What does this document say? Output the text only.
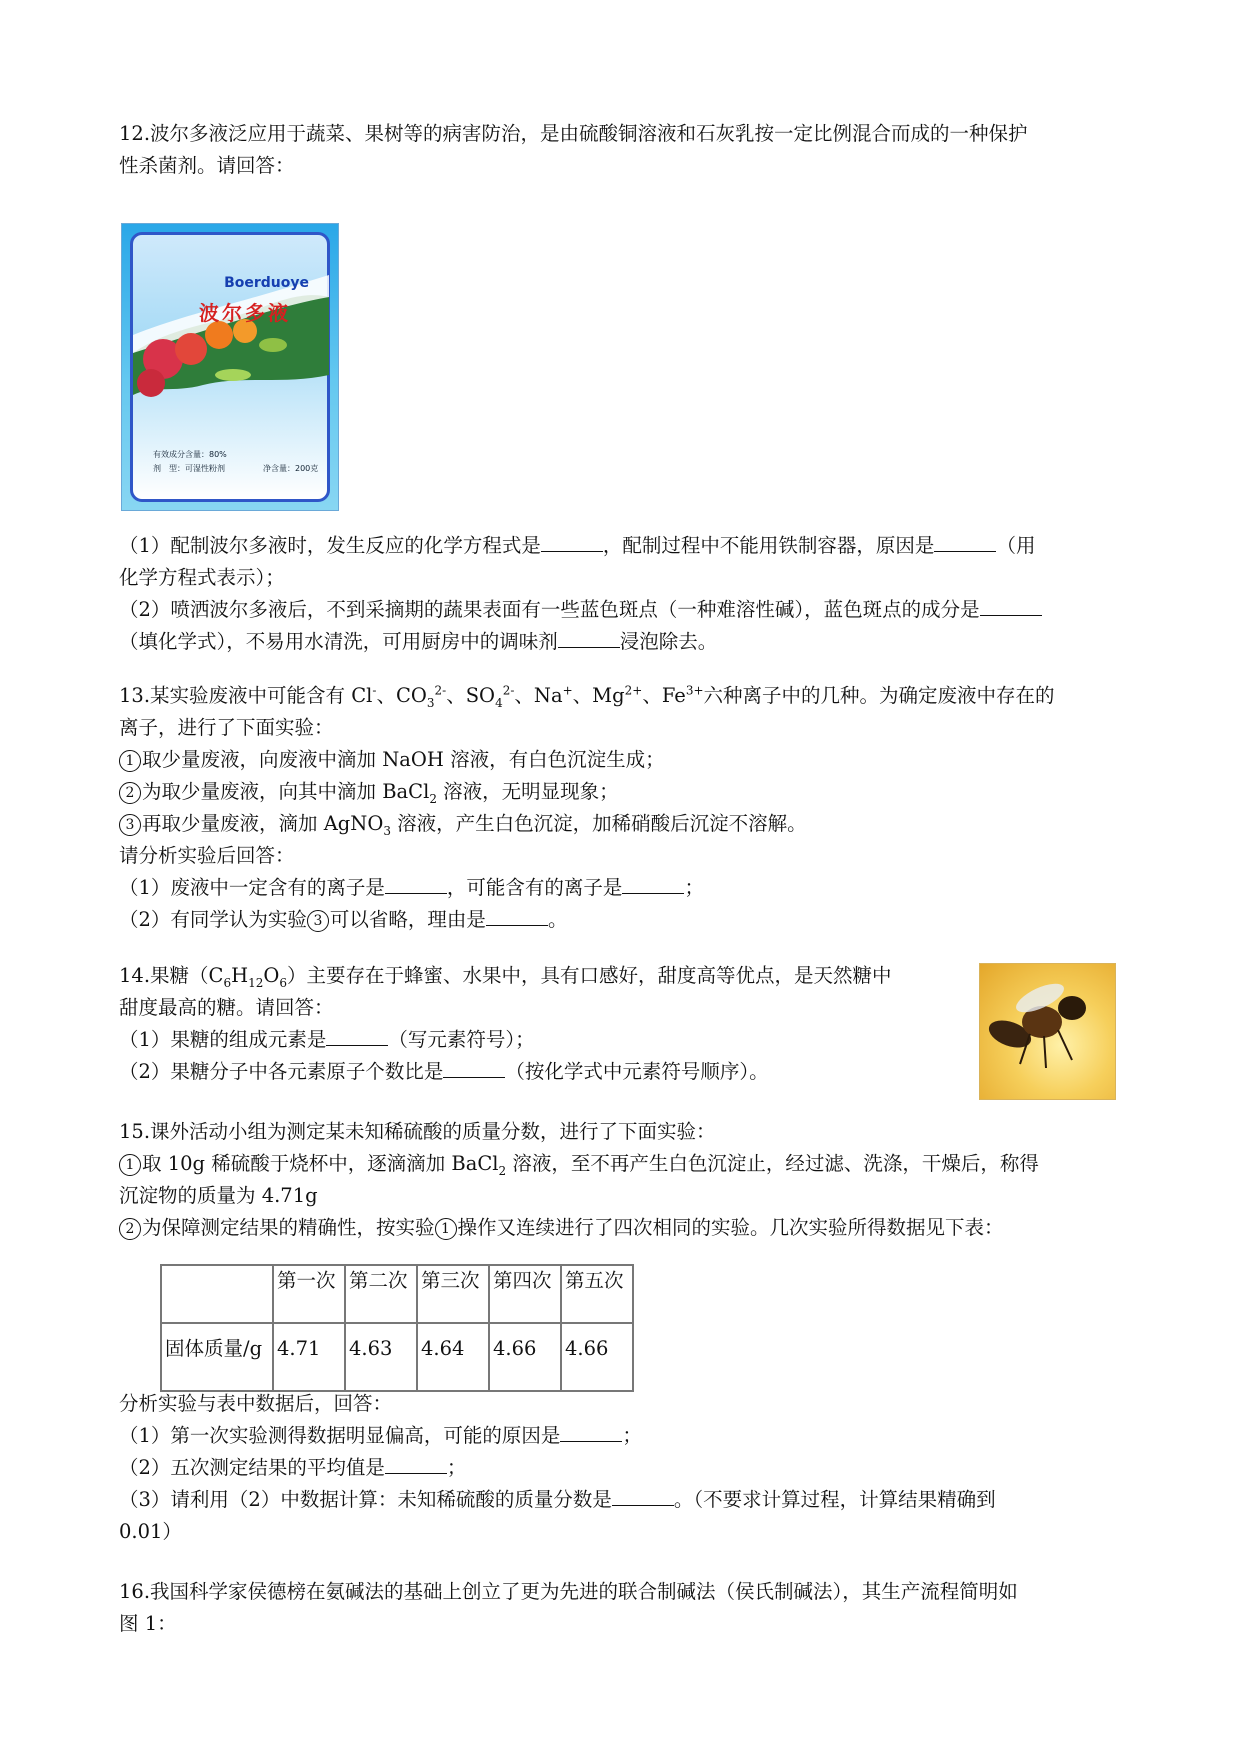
12.波尔多液泛应用于蔬菜、果树等的病害防治，是由硫酸铜溶液和石灰乳按一定比例混合而成的一种保护
性杀菌剂。请回答：
Boerduoye
波尔多液
有效成分含量：80%
剂　型：可湿性粉剂	净含量：200克
（1）配制波尔多液时，发生反应的化学方程式是	，配制过程中不能用铁制容器，原因是	（用
化学方程式表示）；
（2）喷洒波尔多液后，不到采摘期的蔬果表面有一些蓝色斑点（一种难溶性碱），蓝色斑点的成分是
（填化学式），不易用水清洗，可用厨房中的调味剂	浸泡除去。
13.某实验废液中可能含有 Cl-、$CO_3^{2-}$、$SO_4^{2-}$、Na+、$Mg^{2+}$、$Fe^{3+}$六种离子中的几种。为确定废液中存在的
离子，进行了下面实验：
1 取少量废液，向废液中滴加 NaOH 溶液，有白色沉淀生成；
2 为取少量废液，向其中滴加 BaCl$_2$ 溶液，无明显现象；
3 再取少量废液，滴加 AgNO$_3$ 溶液，产生白色沉淀，加稀硝酸后沉淀不溶解。
请分析实验后回答：
（1）废液中一定含有的离子是	，可能含有的离子是	；
（2）有同学认为实验 3 可以省略，理由是	。
14.果糖$(C_6H_{12}O_6)$主要存在于蜂蜜、水果中，具有口感好，甜度高等优点，是天然糖中
甜度最高的糖。请回答：
（1）果糖的组成元素是	（写元素符号）；
（2）果糖分子中各元素原子个数比是	（按化学式中元素符号顺序）。
15.课外活动小组为测定某未知稀硫酸的质量分数，进行了下面实验：
1 取 10g 稀硫酸于烧杯中，逐滴滴加 BaCl$_2$ 溶液，至不再产生白色沉淀止，经过滤、洗涤，干燥后，称得
沉淀物的质量为 4.71g
2 为保障测定结果的精确性，按实验 1 操作又连续进行了四次相同的实验。几次实验所得数据见下表：
	第一次	第二次	第三次	第四次	第五次
固体质量/g	4.71	4.63	4.64	4.66	4.66
分析实验与表中数据后，回答：
（1）第一次实验测得数据明显偏高，可能的原因是	；
（2）五次测定结果的平均值是	；
（3）请利用（2）中数据计算：未知稀硫酸的质量分数是	。（不要求计算过程，计算结果精确到
0.01）
16.我国科学家侯德榜在氨碱法的基础上创立了更为先进的联合制碱法（侯氏制碱法），其生产流程简明如
图 1：
